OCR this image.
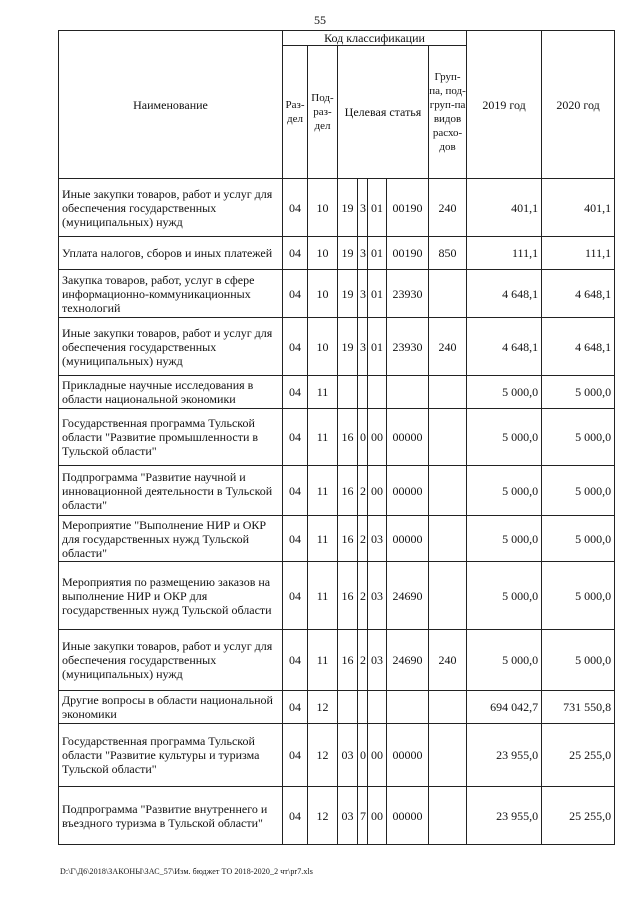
55
Наименование	Код классификации							2019 год	2020 год
	Раз-дел	Под-раз-дел	Целевая статья				Груп-па, под-груп-па видов расхо-дов		
Иные закупки товаров, работ и услуг для обеспечения государственных (муниципальных) нужд	04	10	19	3	01	00190	240	401,1	401,1
Уплата налогов, сборов и иных платежей	04	10	19	3	01	00190	850	111,1	111,1
Закупка товаров, работ, услуг в сфере информационно-коммуникационных технологий	04	10	19	3	01	23930		4 648,1	4 648,1
Иные закупки товаров, работ и услуг для обеспечения государственных (муниципальных) нужд	04	10	19	3	01	23930	240	4 648,1	4 648,1
Прикладные научные исследования в области национальной экономики	04	11						5 000,0	5 000,0
Государственная программа Тульской области "Развитие промышленности в Тульской области"	04	11	16	0	00	00000		5 000,0	5 000,0
Подпрограмма "Развитие научной и инновационной деятельности в Тульской области"	04	11	16	2	00	00000		5 000,0	5 000,0
Мероприятие "Выполнение НИР и ОКР для государственных нужд Тульской области"	04	11	16	2	03	00000		5 000,0	5 000,0
Мероприятия по размещению заказов на выполнение НИР и ОКР для государственных нужд Тульской области	04	11	16	2	03	24690		5 000,0	5 000,0
Иные закупки товаров, работ и услуг для обеспечения государственных (муниципальных) нужд	04	11	16	2	03	24690	240	5 000,0	5 000,0
Другие вопросы в области национальной экономики	04	12						694 042,7	731 550,8
Государственная программа Тульской области "Развитие культуры и туризма Тульской области"	04	12	03	0	00	00000		23 955,0	25 255,0
Подпрограмма "Развитие внутреннего и въездного туризма в Тульской области"	04	12	03	7	00	00000		23 955,0	25 255,0
D:\Г\Д6\2018\ЗАКОНЫ\ЗАС_57\Изм. бюджет ТО 2018-2020_2 чт\pr7.xls
